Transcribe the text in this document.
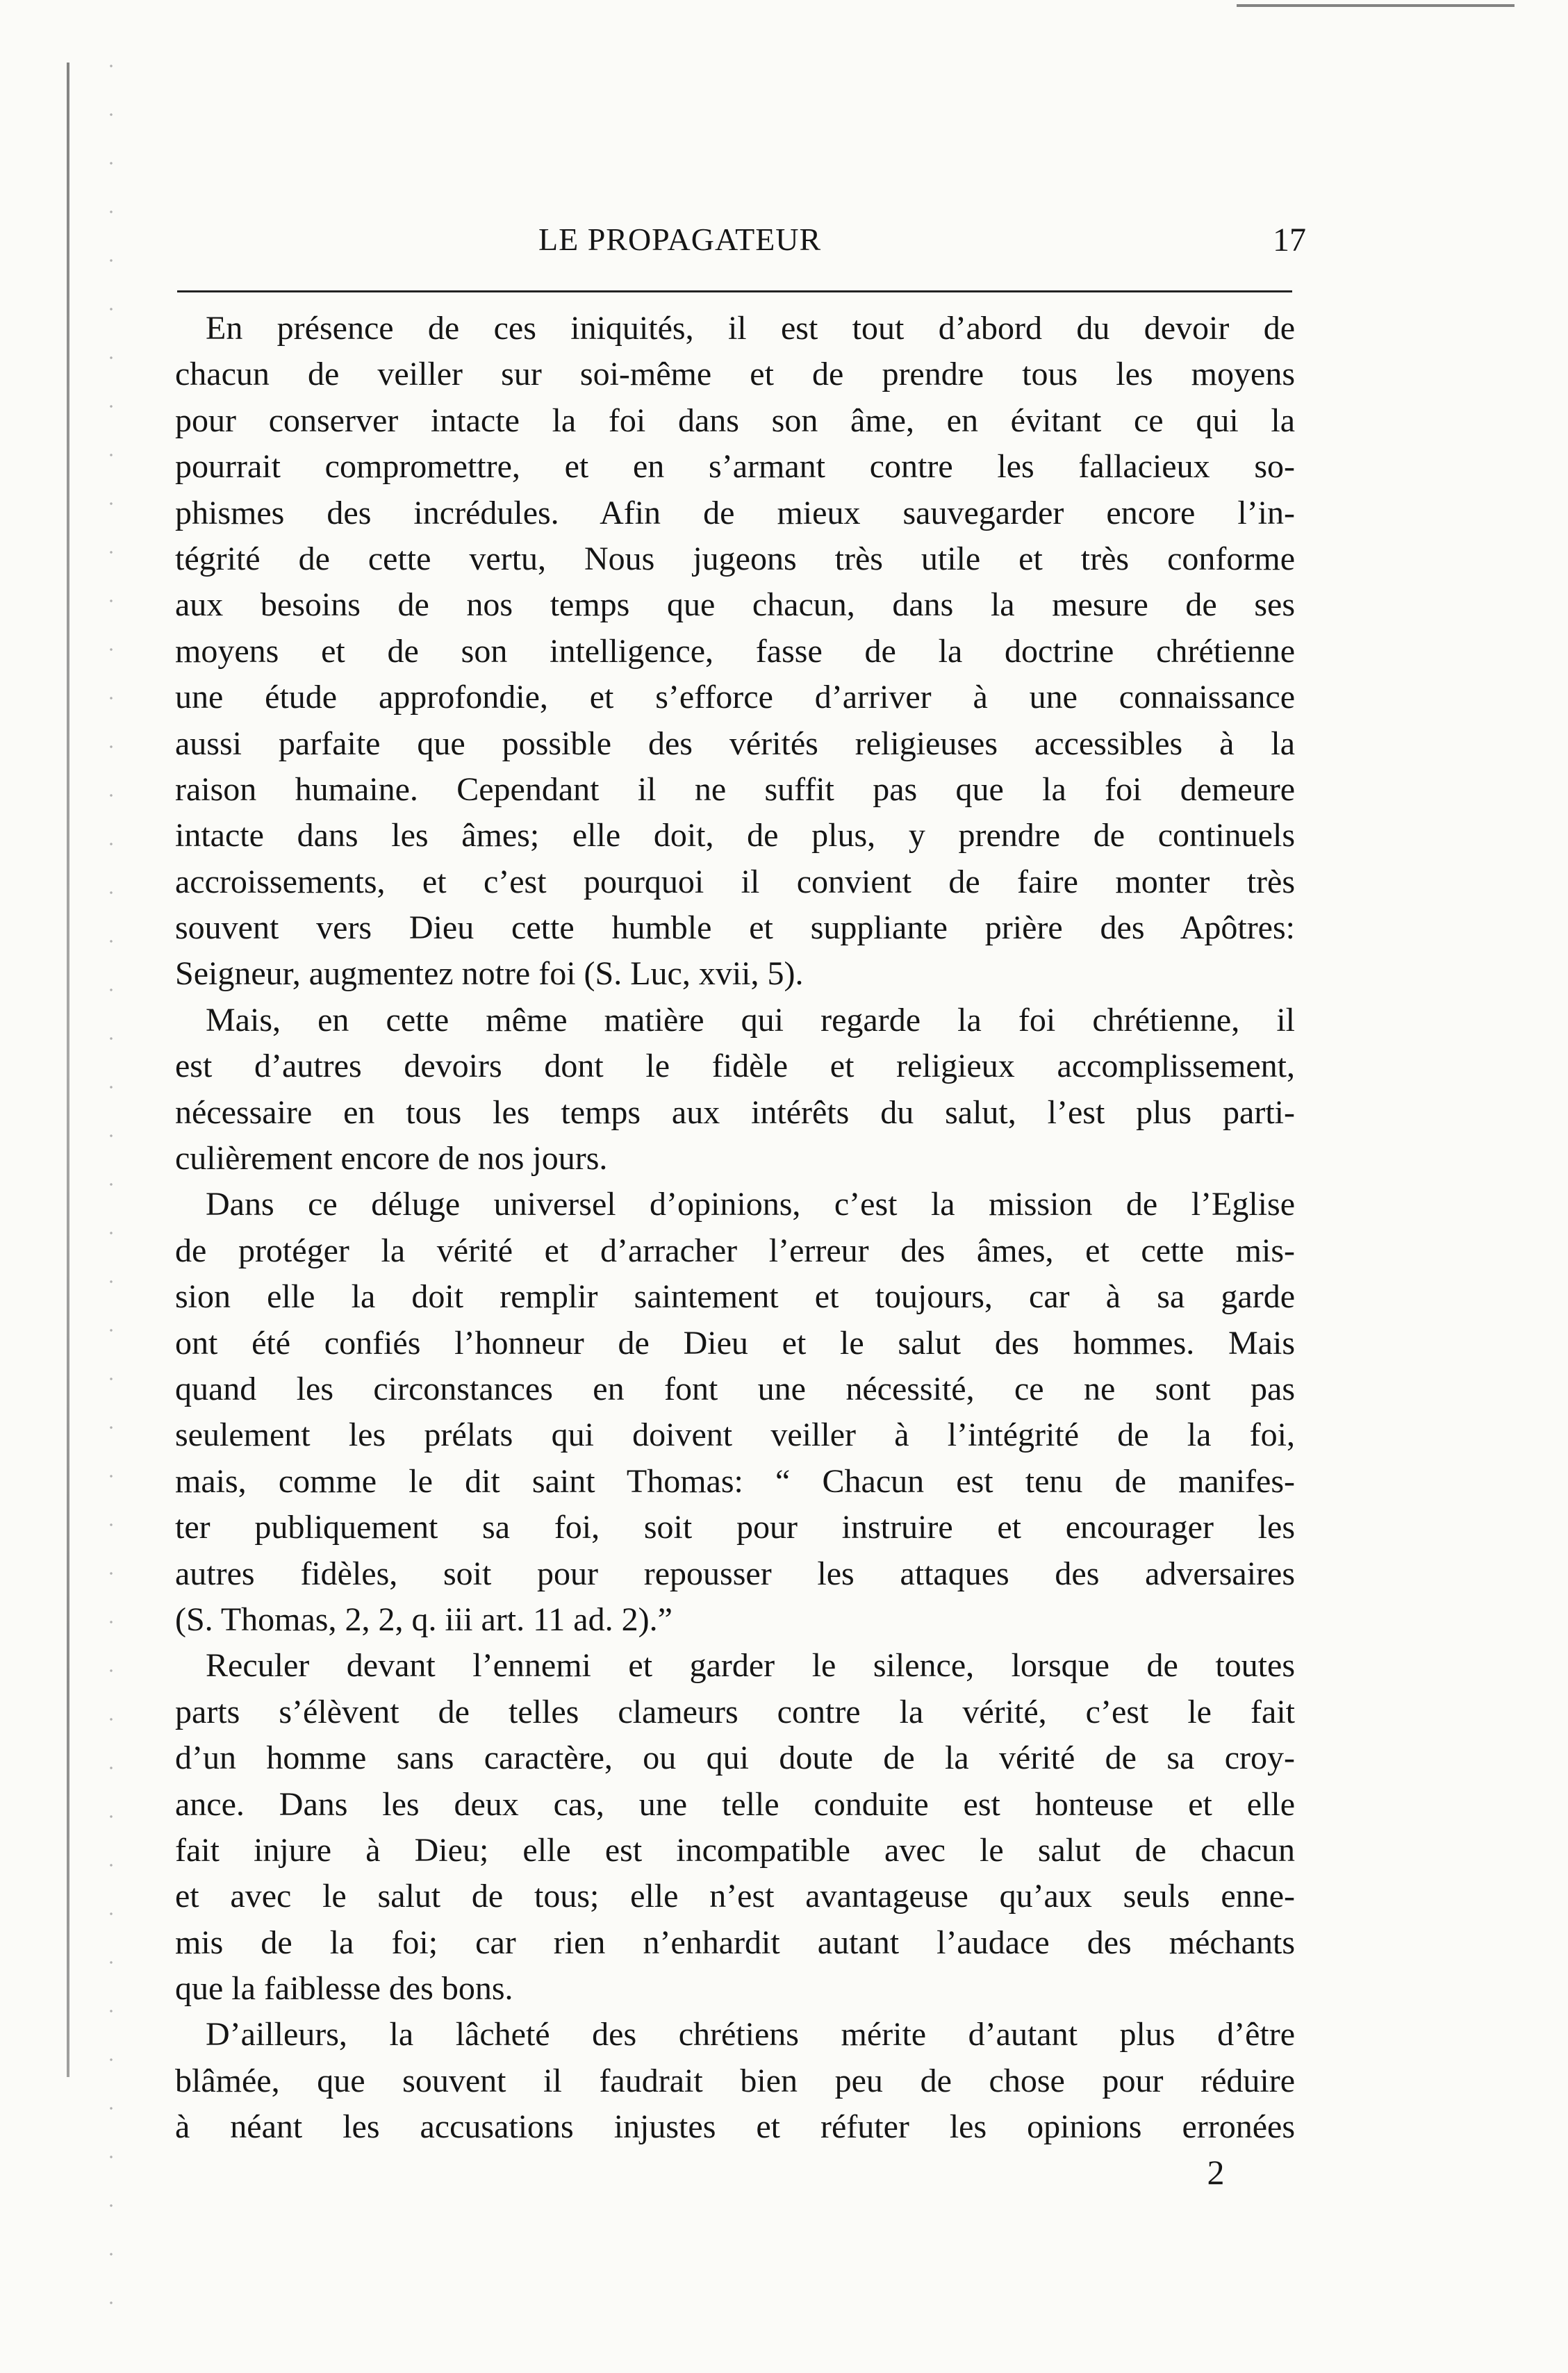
LE PROPAGATEUR	17
En présence de ces iniquités, il est tout d’abord du devoir de
chacun de veiller sur soi-même et de prendre tous les moyens
pour conserver intacte la foi dans son âme, en évitant ce qui la
pourrait compromettre, et en s’armant contre les fallacieux so-
phismes des incrédules. Afin de mieux sauvegarder encore l’in-
tégrité de cette vertu, Nous jugeons très utile et très conforme
aux besoins de nos temps que chacun, dans la mesure de ses
moyens et de son intelligence, fasse de la doctrine chrétienne
une étude approfondie, et s’efforce d’arriver à une connaissance
aussi parfaite que possible des vérités religieuses accessibles à la
raison humaine. Cependant il ne suffit pas que la foi demeure
intacte dans les âmes; elle doit, de plus, y prendre de continuels
accroissements, et c’est pourquoi il convient de faire monter très
souvent vers Dieu cette humble et suppliante prière des Apôtres:
Seigneur, augmentez notre foi (S. Luc, xvii, 5).
Mais, en cette même matière qui regarde la foi chrétienne, il
est d’autres devoirs dont le fidèle et religieux accomplissement,
nécessaire en tous les temps aux intérêts du salut, l’est plus parti-
culièrement encore de nos jours.
Dans ce déluge universel d’opinions, c’est la mission de l’Eglise
de protéger la vérité et d’arracher l’erreur des âmes, et cette mis-
sion elle la doit remplir saintement et toujours, car à sa garde
ont été confiés l’honneur de Dieu et le salut des hommes. Mais
quand les circonstances en font une nécessité, ce ne sont pas
seulement les prélats qui doivent veiller à l’intégrité de la foi,
mais, comme le dit saint Thomas: “ Chacun est tenu de manifes-
ter publiquement sa foi, soit pour instruire et encourager les
autres fidèles, soit pour repousser les attaques des adversaires
(S. Thomas, 2, 2, q. iii art. 11 ad. 2).”
Reculer devant l’ennemi et garder le silence, lorsque de toutes
parts s’élèvent de telles clameurs contre la vérité, c’est le fait
d’un homme sans caractère, ou qui doute de la vérité de sa croy-
ance. Dans les deux cas, une telle conduite est honteuse et elle
fait injure à Dieu; elle est incompatible avec le salut de chacun
et avec le salut de tous; elle n’est avantageuse qu’aux seuls enne-
mis de la foi; car rien n’enhardit autant l’audace des méchants
que la faiblesse des bons.
D’ailleurs, la lâcheté des chrétiens mérite d’autant plus d’être
blâmée, que souvent il faudrait bien peu de chose pour réduire
à néant les accusations injustes et réfuter les opinions erronées
2
